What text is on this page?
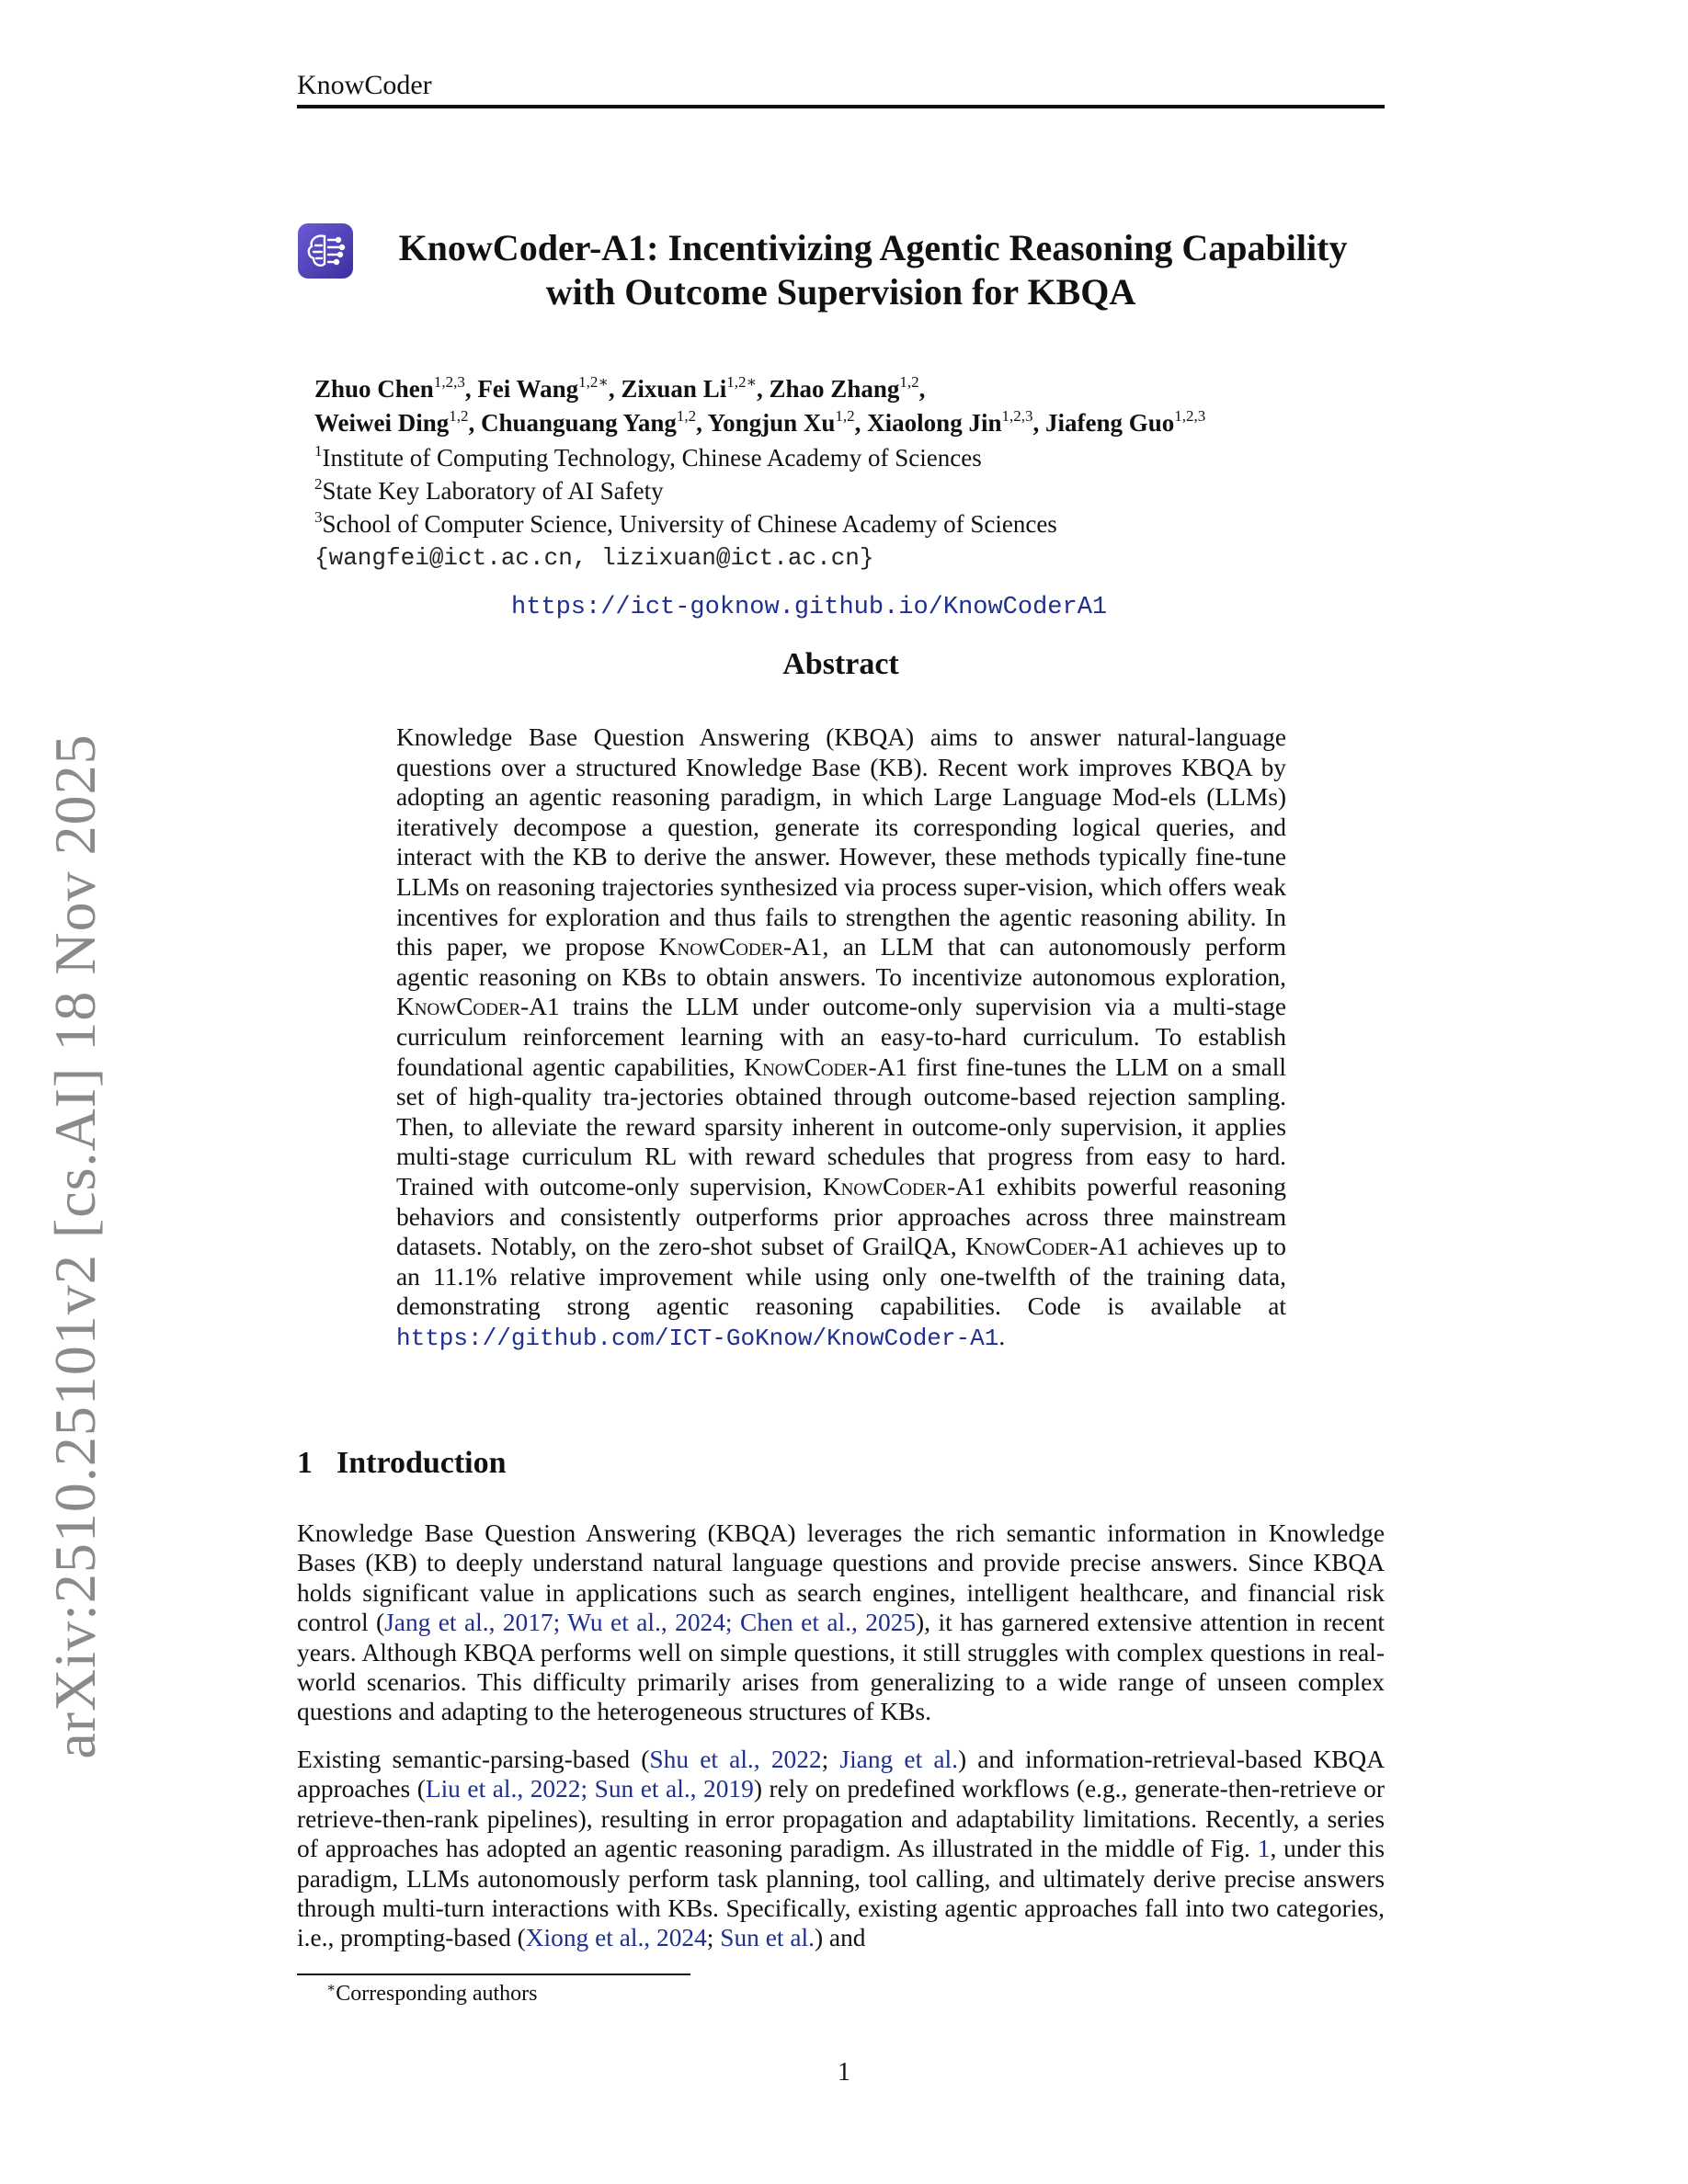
KnowCoder
KnowCoder-A1: Incentivizing Agentic Reasoning Capability
with Outcome Supervision for KBQA
Zhuo Chen$^{1,2,3}$, Fei Wang$^{1,2∗}$, Zixuan $Li^{1,2∗}$, Zhao Zhang$^{1,2}$,
Weiwei Ding$^{1,2}$, Chuanguang Yang$^{1,2}$, Yongjun Xu$^{1,2}$, Xiaolong Jin$^{1,2,3}$, Jiafeng Guo$^{1,2,3}$
$^1$Institute of Computing Technology, Chinese Academy of Sciences
$^2$State Key Laboratory of AI Safety
$^3$School of Computer Science, University of Chinese Academy of Sciences
{wangfei@ict.ac.cn, lizixuan@ict.ac.cn}
https://ict-goknow.github.io/KnowCoderA1
Abstract
Knowledge Base Question Answering (KBQA) aims to answer natural-language questions over a structured Knowledge Base (KB). Recent work improves KBQA by adopting an agentic reasoning paradigm, in which Large Language Mod-els (LLMs) iteratively decompose a question, generate its corresponding logical queries, and interact with the KB to derive the answer. However, these methods typically fine-tune LLMs on reasoning trajectories synthesized via process super-vision, which offers weak incentives for exploration and thus fails to strengthen the agentic reasoning ability. In this paper, we propose KnowCoder-A1, an LLM that can autonomously perform agentic reasoning on KBs to obtain answers. To incentivize autonomous exploration, KnowCoder-A1 trains the LLM under outcome-only supervision via a multi-stage curriculum reinforcement learning with an easy-to-hard curriculum. To establish foundational agentic capabilities, KnowCoder-A1 first fine-tunes the LLM on a small set of high-quality tra-jectories obtained through outcome-based rejection sampling. Then, to alleviate the reward sparsity inherent in outcome-only supervision, it applies multi-stage curriculum RL with reward schedules that progress from easy to hard. Trained with outcome-only supervision, KnowCoder-A1 exhibits powerful reasoning behaviors and consistently outperforms prior approaches across three mainstream datasets. Notably, on the zero-shot subset of GrailQA, KnowCoder-A1 achieves up to an 11.1% relative improvement while using only one-twelfth of the training data, demonstrating strong agentic reasoning capabilities. Code is available at https://github.com/ICT-GoKnow/KnowCoder-A1.
1 Introduction
Knowledge Base Question Answering (KBQA) leverages the rich semantic information in Knowledge Bases (KB) to deeply understand natural language questions and provide precise answers. Since KBQA holds significant value in applications such as search engines, intelligent healthcare, and financial risk control (Jang et al., 2017; Wu et al., 2024; Chen et al., 2025), it has garnered extensive attention in recent years. Although KBQA performs well on simple questions, it still struggles with complex questions in real-world scenarios. This difficulty primarily arises from generalizing to a wide range of unseen complex questions and adapting to the heterogeneous structures of KBs.
Existing semantic-parsing-based (Shu et al., 2022; Jiang et al.) and information-retrieval-based KBQA approaches (Liu et al., 2022; Sun et al., 2019) rely on predefined workflows (e.g., generate-then-retrieve or retrieve-then-rank pipelines), resulting in error propagation and adaptability limitations. Recently, a series of approaches has adopted an agentic reasoning paradigm. As illustrated in the middle of Fig. 1, under this paradigm, LLMs autonomously perform task planning, tool calling, and ultimately derive precise answers through multi-turn interactions with KBs. Specifically, existing agentic approaches fall into two categories, i.e., prompting-based (Xiong et al., 2024; Sun et al.) and
∗Corresponding authors
1
arXiv:2510.25101v2 [cs.AI] 18 Nov 2025
